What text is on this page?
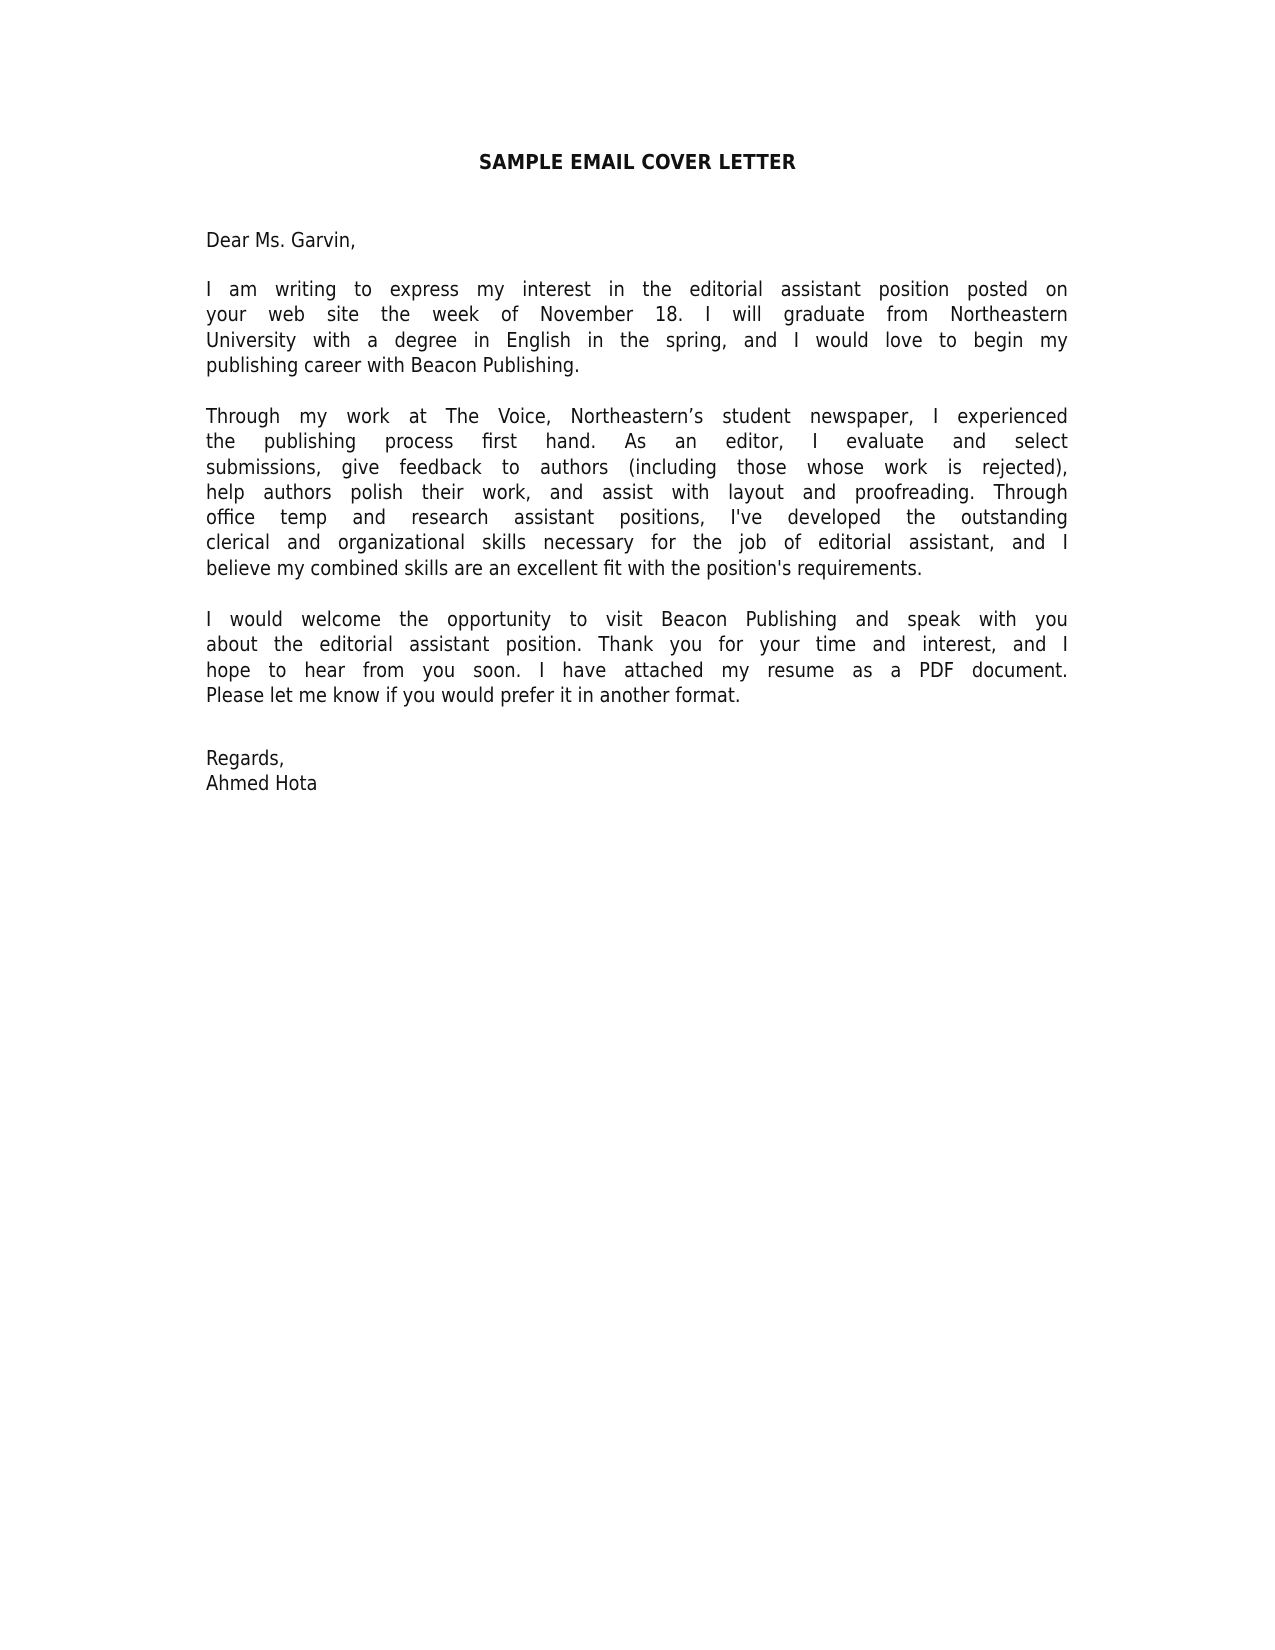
SAMPLE EMAIL COVER LETTER
Dear Ms. Garvin,
I am writing to express my interest in the editorial assistant position posted on
your web site the week of November 18. I will graduate from Northeastern
University with a degree in English in the spring, and I would love to begin my
publishing career with Beacon Publishing.
Through my work at The Voice, Northeastern’s student newspaper, I experienced
the publishing process first hand. As an editor, I evaluate and select
submissions, give feedback to authors (including those whose work is rejected),
help authors polish their work, and assist with layout and proofreading. Through
office temp and research assistant positions, I've developed the outstanding
clerical and organizational skills necessary for the job of editorial assistant, and I
believe my combined skills are an excellent fit with the position's requirements.
I would welcome the opportunity to visit Beacon Publishing and speak with you
about the editorial assistant position. Thank you for your time and interest, and I
hope to hear from you soon. I have attached my resume as a PDF document.
Please let me know if you would prefer it in another format.
Regards,
Ahmed Hota
